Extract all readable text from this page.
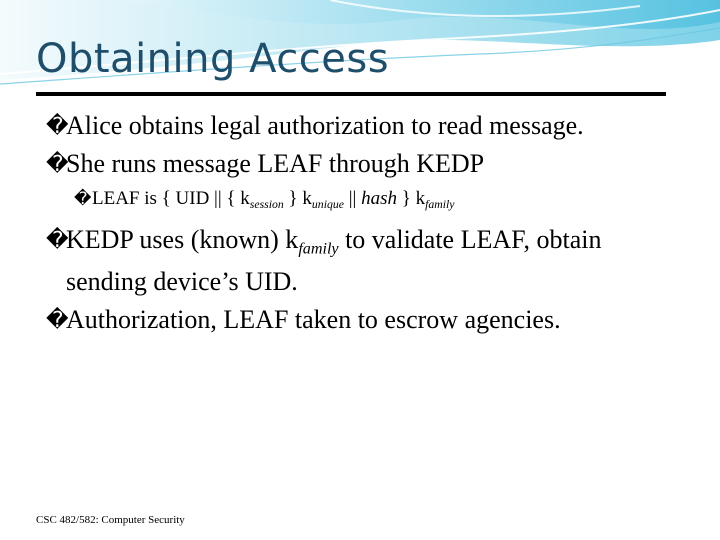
Obtaining Access
�
Alice obtains legal authorization to read message.
�
She runs message LEAF through KEDP
� LEAF is { UID || { $k_{session}$ } $k_{unique}$ || hash } $k_{family}$
�
KEDP uses (known) $k_{family}$ to validate LEAF, obtain sending device’s UID.
�
Authorization, LEAF taken to escrow agencies.
CSC 482/582: Computer Security
